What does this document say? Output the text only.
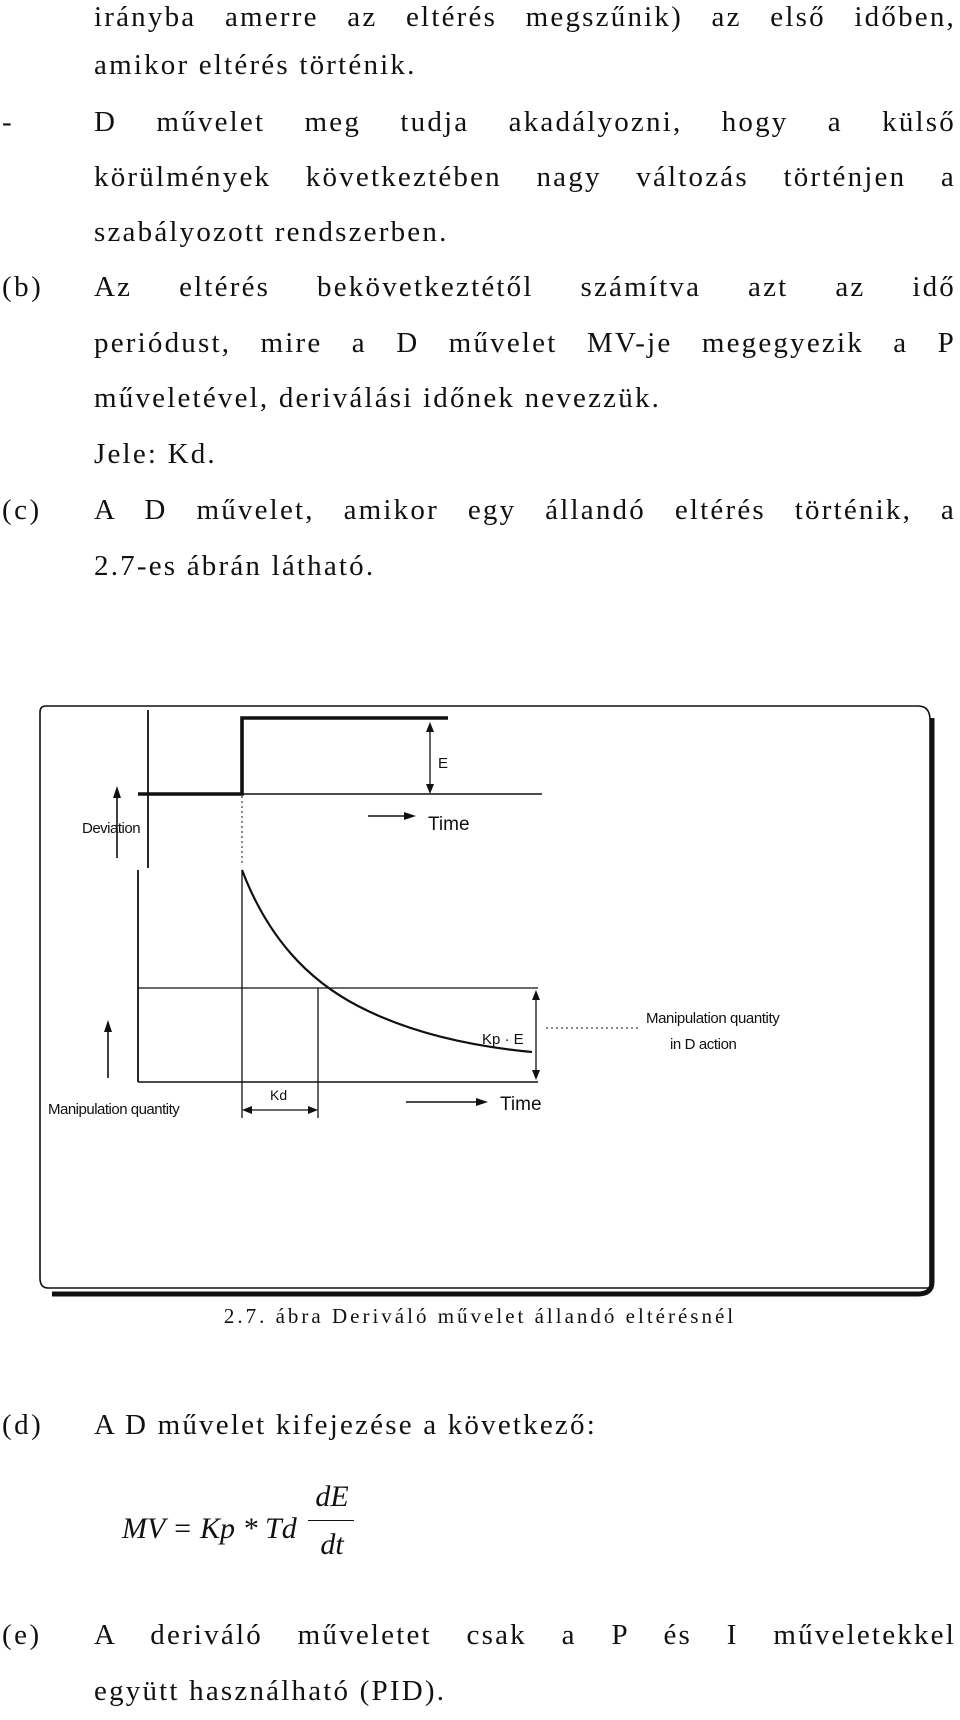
irányba amerre az eltérés megszűnik) az első időben,
amikor eltérés történik.
-	D művelet meg tudja akadályozni, hogy a külső
körülmények következtében nagy változás történjen a
szabályozott rendszerben.
(b) Az eltérés bekövetkeztétől számítva azt az idő
periódust, mire a D művelet MV-je megegyezik a P
műveletével, deriválási időnek nevezzük.
Jele: Kd.
(c) A D művelet, amikor egy állandó eltérés történik, a
2.7-es ábrán látható.
E
Time
Deviation
Kp · E
Manipulation quantity
in D action
Kd	Time
Manipulation quantity
2.7. ábra Deriváló művelet állandó eltérésnél
(d) A D művelet kifejezése a következő:
MV = Kp * Td
dE
dt
(e) A deriváló műveletet csak a P és I műveletekkel
együtt használható (PID).
